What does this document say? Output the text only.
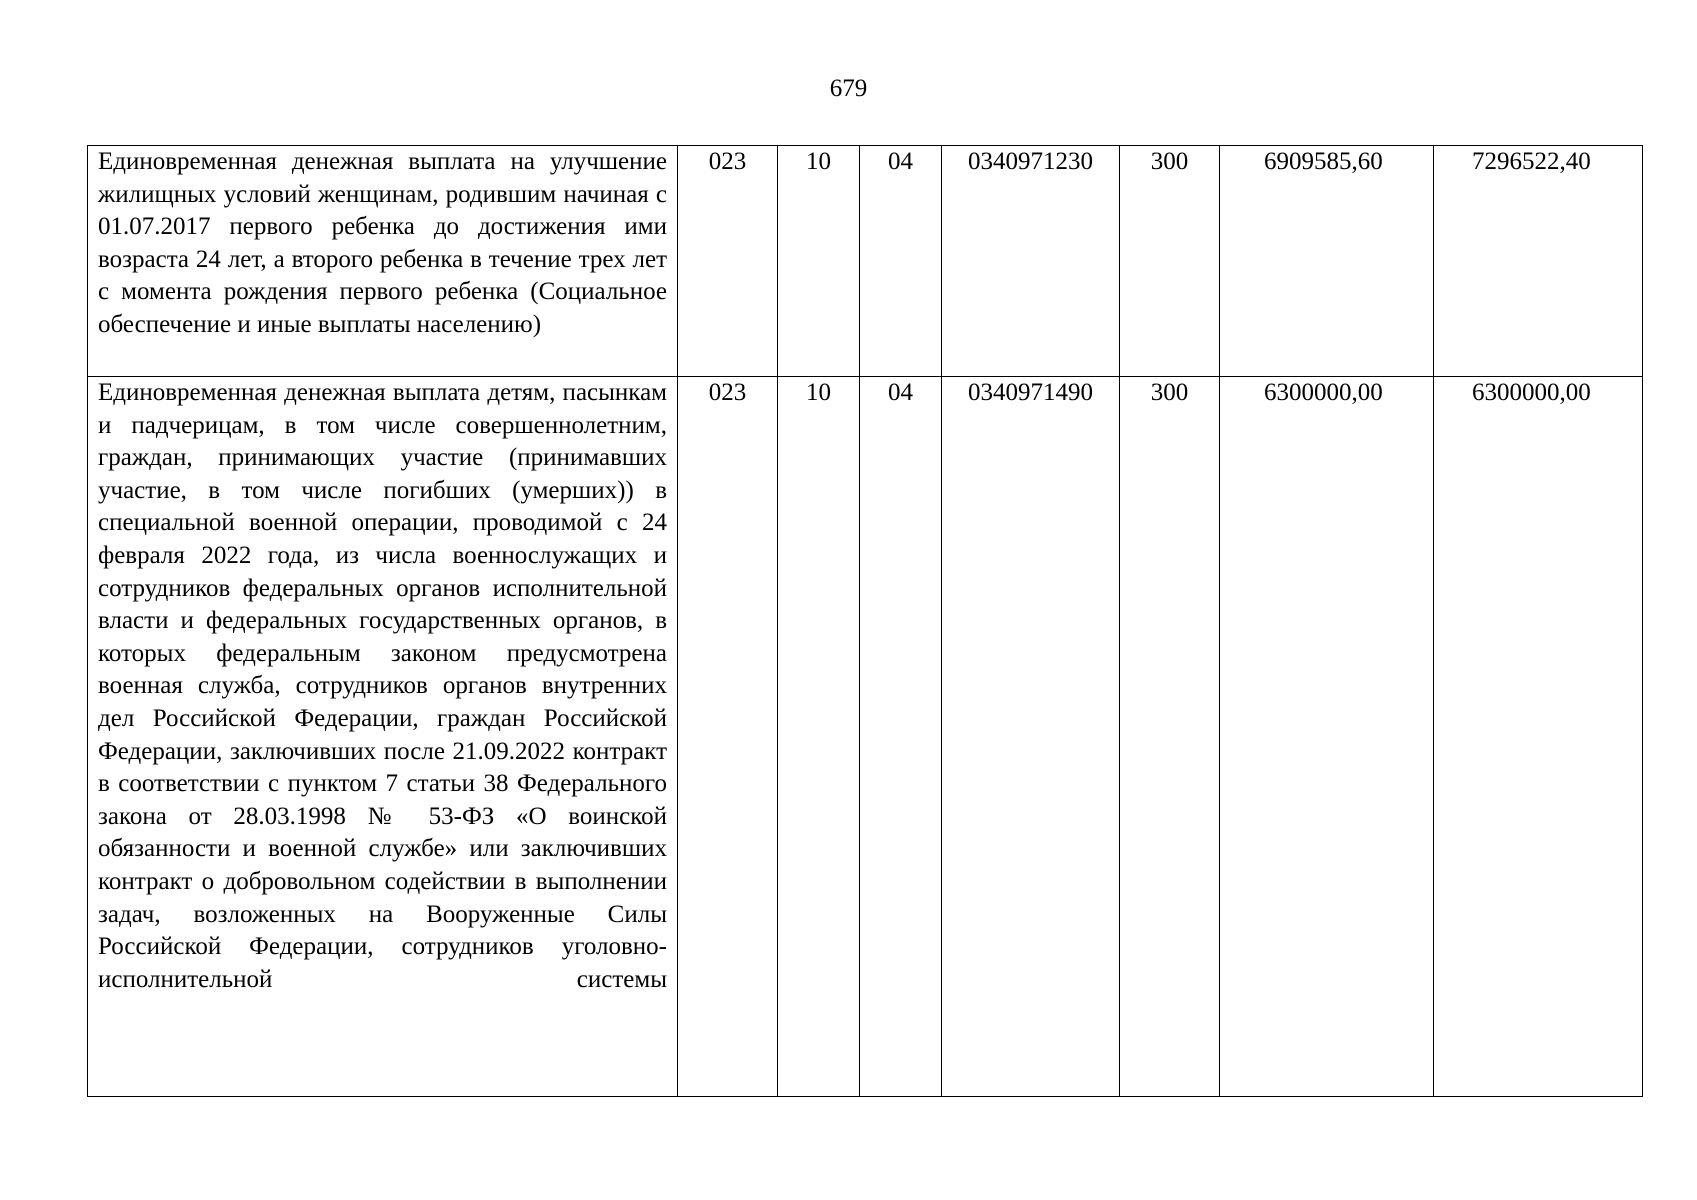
679
Единовременная денежная выплата на улучшение жилищных условий женщинам, родившим начиная с 01.07.2017 первого ребенка до достижения ими возраста 24 лет, а второго ребенка в течение трех лет с момента рождения первого ребенка (Социальное обеспечение и иные выплаты населению)	023	10	04	0340971230	300	6909585,60	7296522,40

Единовременная денежная выплата детям, пасынкам и падчерицам, в том числе совершеннолетним, граждан, принимающих участие (принимавших участие, в том числе погибших (умерших)) в специальной военной операции, проводимой с 24 февраля 2022 года, из числа военнослужащих и сотрудников федеральных органов исполнительной власти и федеральных государственных органов, в которых федеральным законом предусмотрена военная служба, сотрудников органов внутренних дел Российской Федерации, граждан Российской Федерации, заключивших после 21.09.2022 контракт в соответствии с пунктом 7 статьи 38 Федерального закона от 28.03.1998 № 53-ФЗ «О воинской обязанности и военной службе» или заключивших контракт о добровольном содействии в выполнении задач, возложенных на Вооруженные Силы Российской Федерации, сотрудников уголовно-исполнительной системы	023	10	04	0340971490	300	6300000,00	6300000,00
